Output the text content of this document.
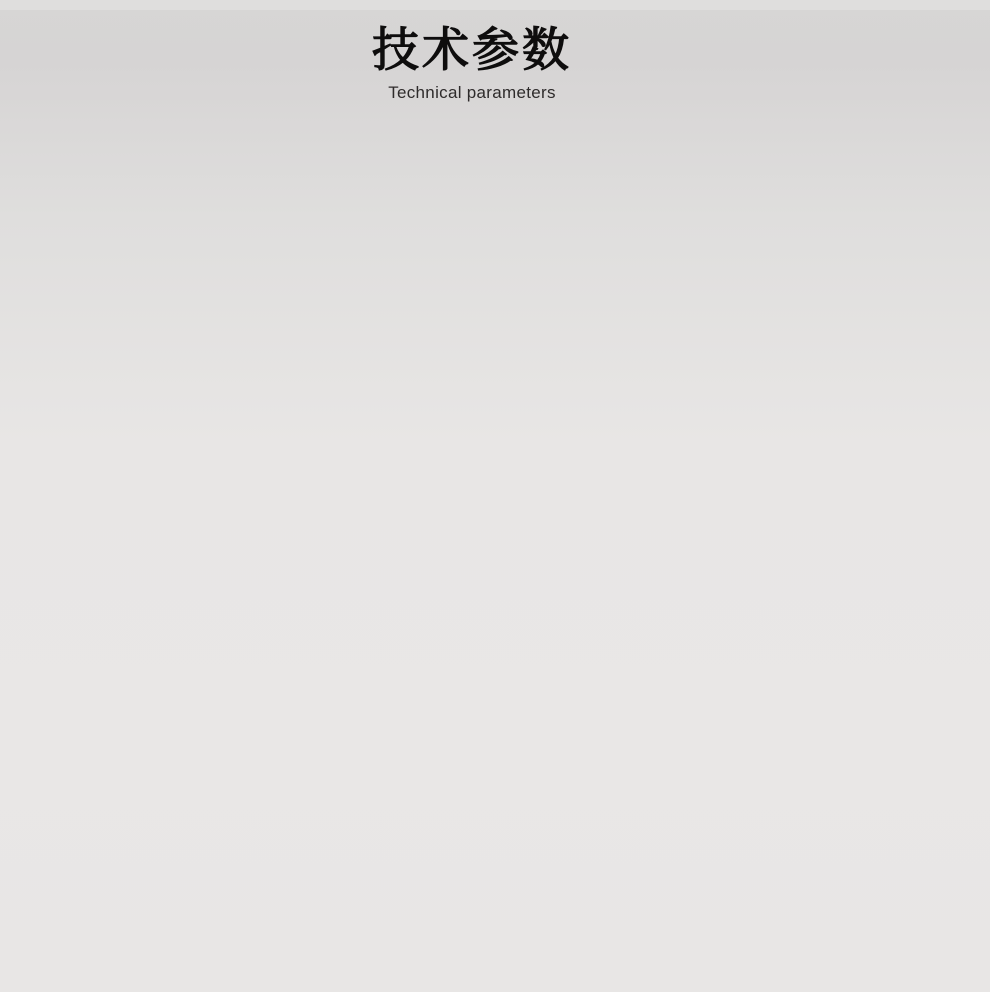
技术参数
Technical parameters
